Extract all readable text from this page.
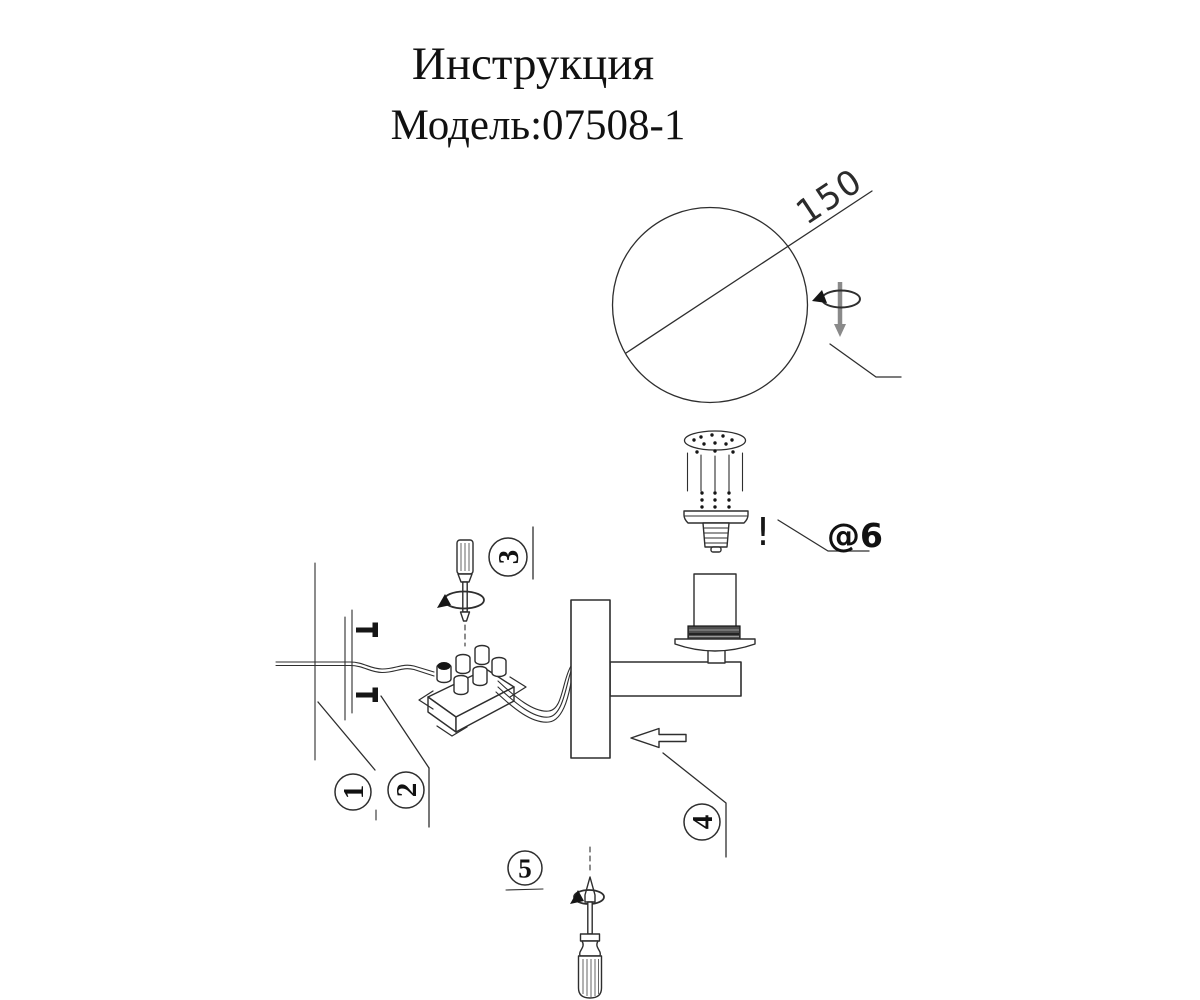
Инструкция
Модель:07508-1
150
! @6
1 2
3
4
5
